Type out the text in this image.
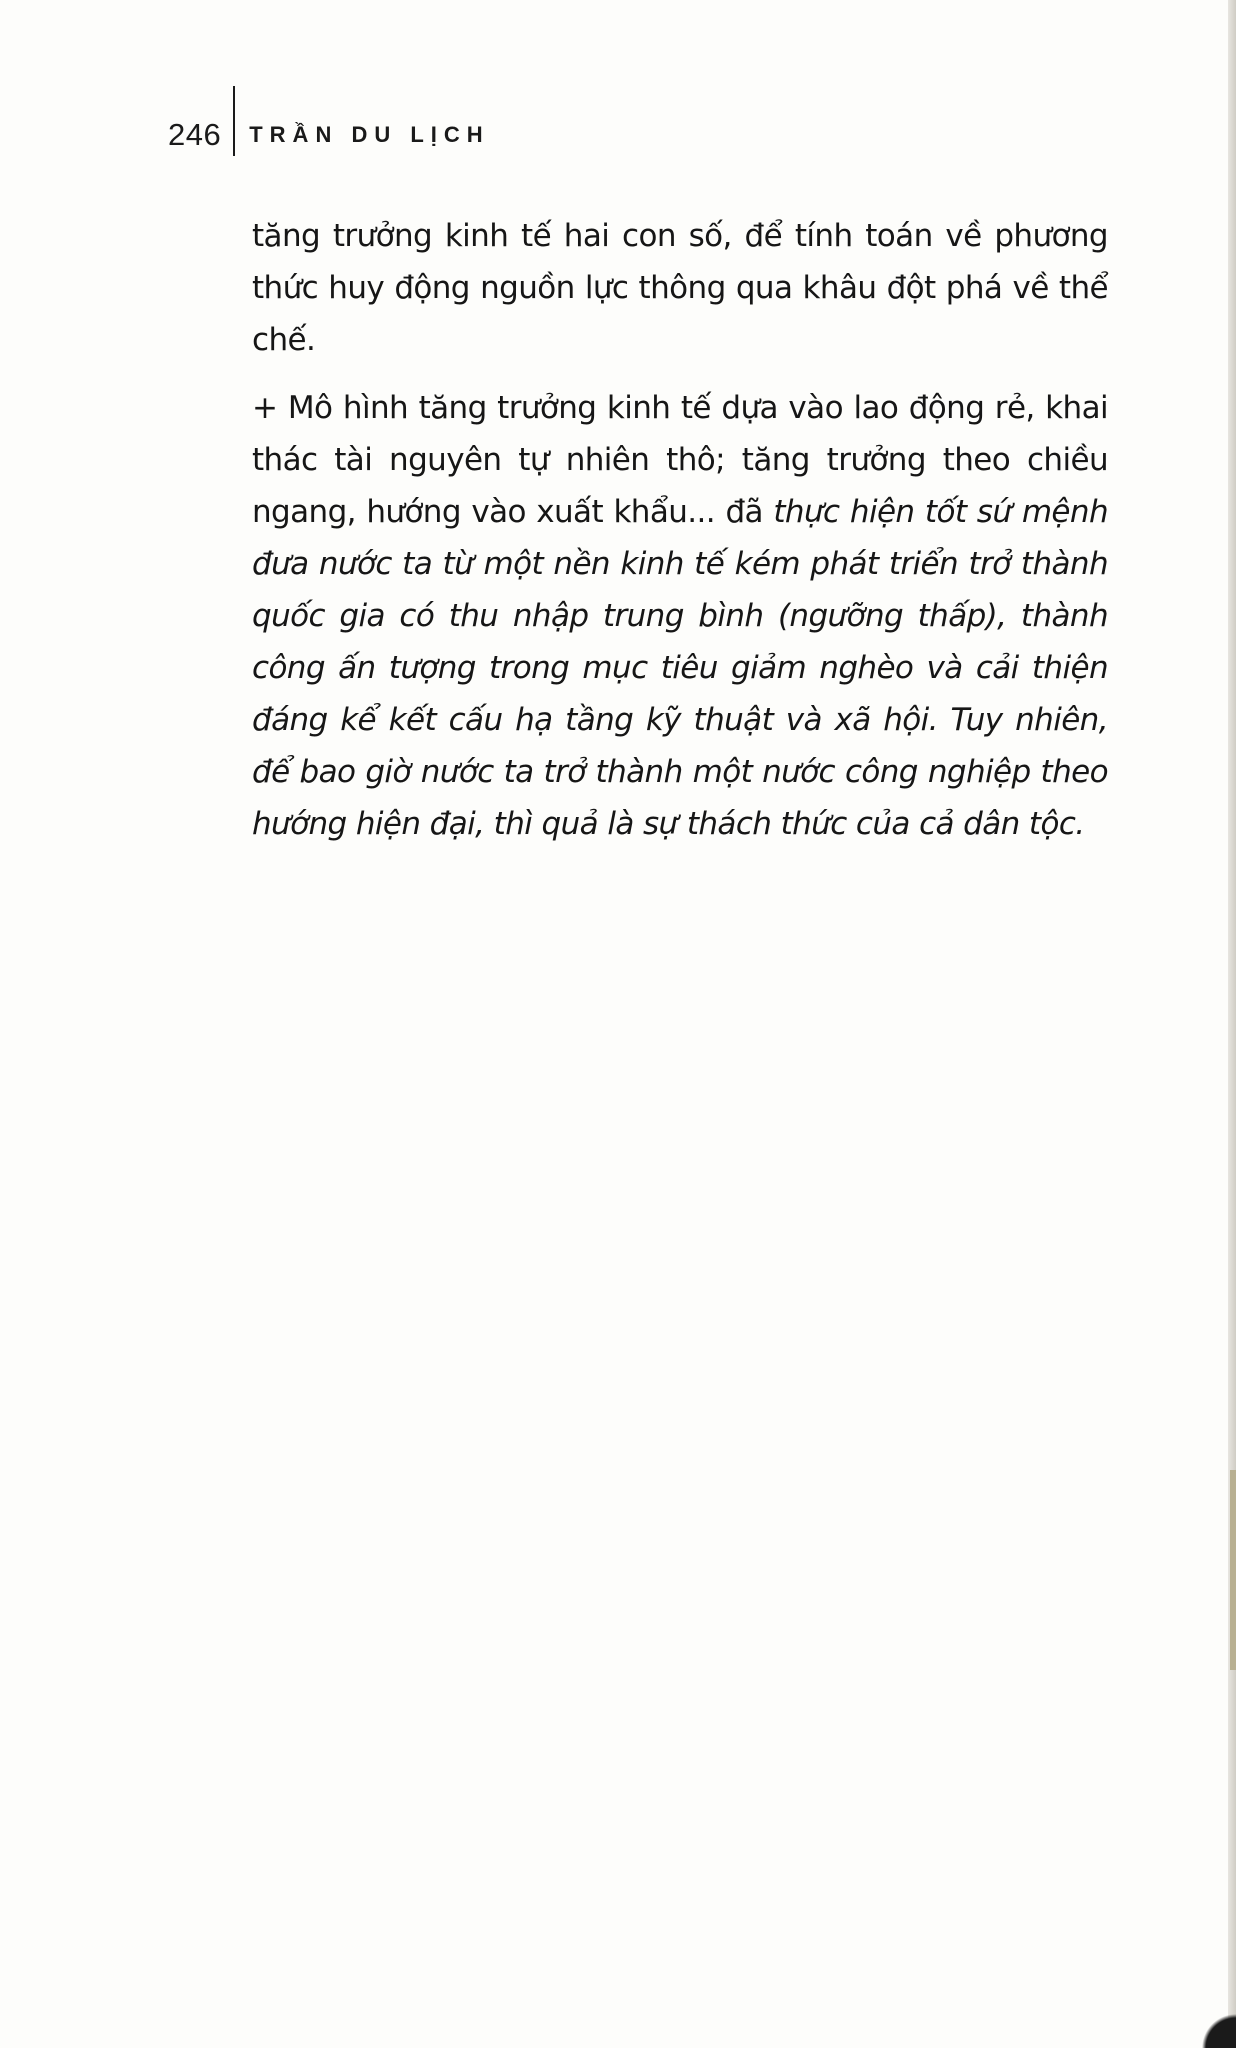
246 TRẦN DU LỊCH

tăng trưởng kinh tế hai con số, để tính toán về phương thức huy động nguồn lực thông qua khâu đột phá về thể chế.

+ Mô hình tăng trưởng kinh tế dựa vào lao động rẻ, khai thác tài nguyên tự nhiên thô; tăng trưởng theo chiều ngang, hướng vào xuất khẩu... đã thực hiện tốt sứ mệnh đưa nước ta từ một nền kinh tế kém phát triển trở thành quốc gia có thu nhập trung bình (ngưỡng thấp), thành công ấn tượng trong mục tiêu giảm nghèo và cải thiện đáng kể kết cấu hạ tầng kỹ thuật và xã hội. Tuy nhiên, để bao giờ nước ta trở thành một nước công nghiệp theo hướng hiện đại, thì quả là sự thách thức của cả dân tộc.
